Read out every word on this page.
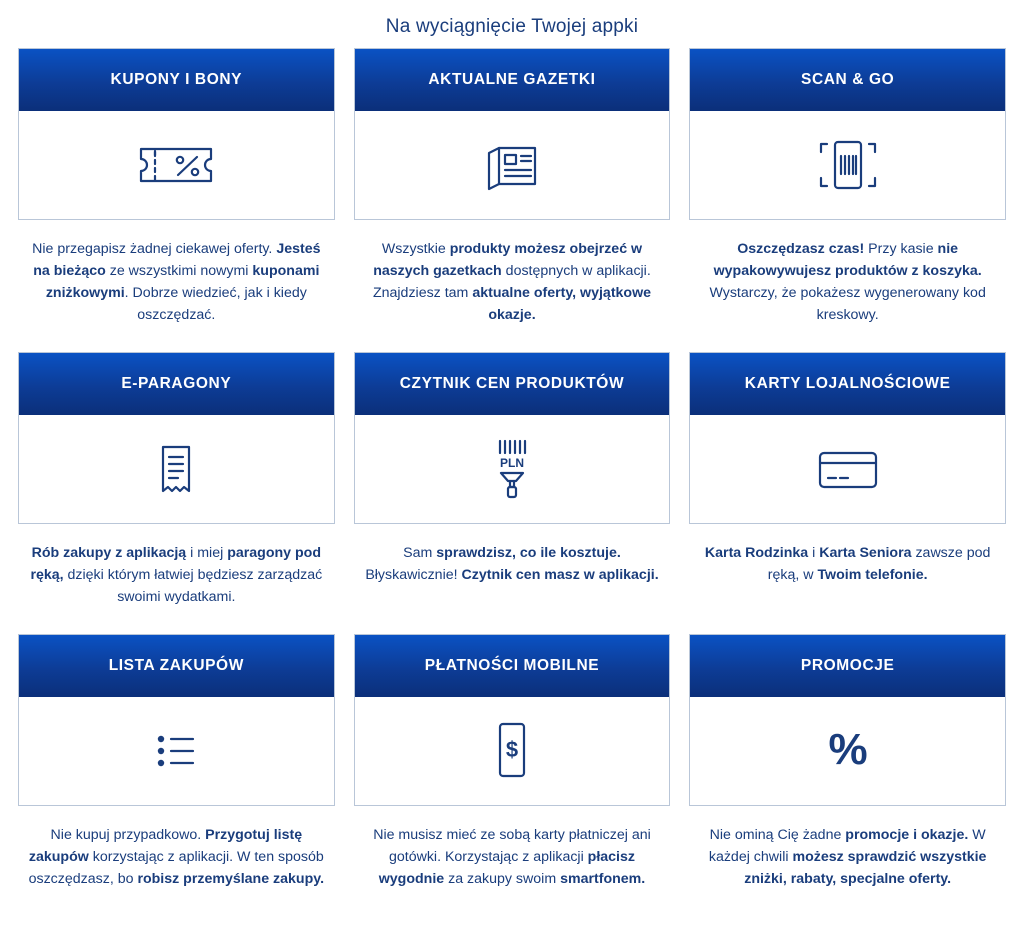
Na wyciągnięcie Twojej appki
KUPONY I BONY
Nie przegapisz żadnej ciekawej oferty. Jesteś na bieżąco ze wszystkimi nowymi kuponami zniżkowymi. Dobrze wiedzieć, jak i kiedy oszczędzać.
AKTUALNE GAZETKI
Wszystkie produkty możesz obejrzeć w naszych gazetkach dostępnych w aplikacji. Znajdziesz tam aktualne oferty, wyjątkowe okazje.
SCAN & GO
Oszczędzasz czas! Przy kasie nie wypakowywujesz produktów z koszyka. Wystarczy, że pokażesz wygenerowany kod kreskowy.
E-PARAGONY
Rób zakupy z aplikacją i miej paragony pod ręką, dzięki którym łatwiej będziesz zarządzać swoimi wydatkami.
CZYTNIK CEN PRODUKTÓW
PLN
Sam sprawdzisz, co ile kosztuje. Błyskawicznie! Czytnik cen masz w aplikacji.
KARTY LOJALNOŚCIOWE
Karta Rodzinka i Karta Seniora zawsze pod ręką, w Twoim telefonie.
LISTA ZAKUPÓW
Nie kupuj przypadkowo. Przygotuj listę zakupów korzystając z aplikacji. W ten sposób oszczędzasz, bo robisz przemyślane zakupy.
PŁATNOŚCI MOBILNE
$
Nie musisz mieć ze sobą karty płatniczej ani gotówki. Korzystając z aplikacji płacisz wygodnie za zakupy swoim smartfonem.
PROMOCJE
%
Nie ominą Cię żadne promocje i okazje. W każdej chwili możesz sprawdzić wszystkie zniżki, rabaty, specjalne oferty.
